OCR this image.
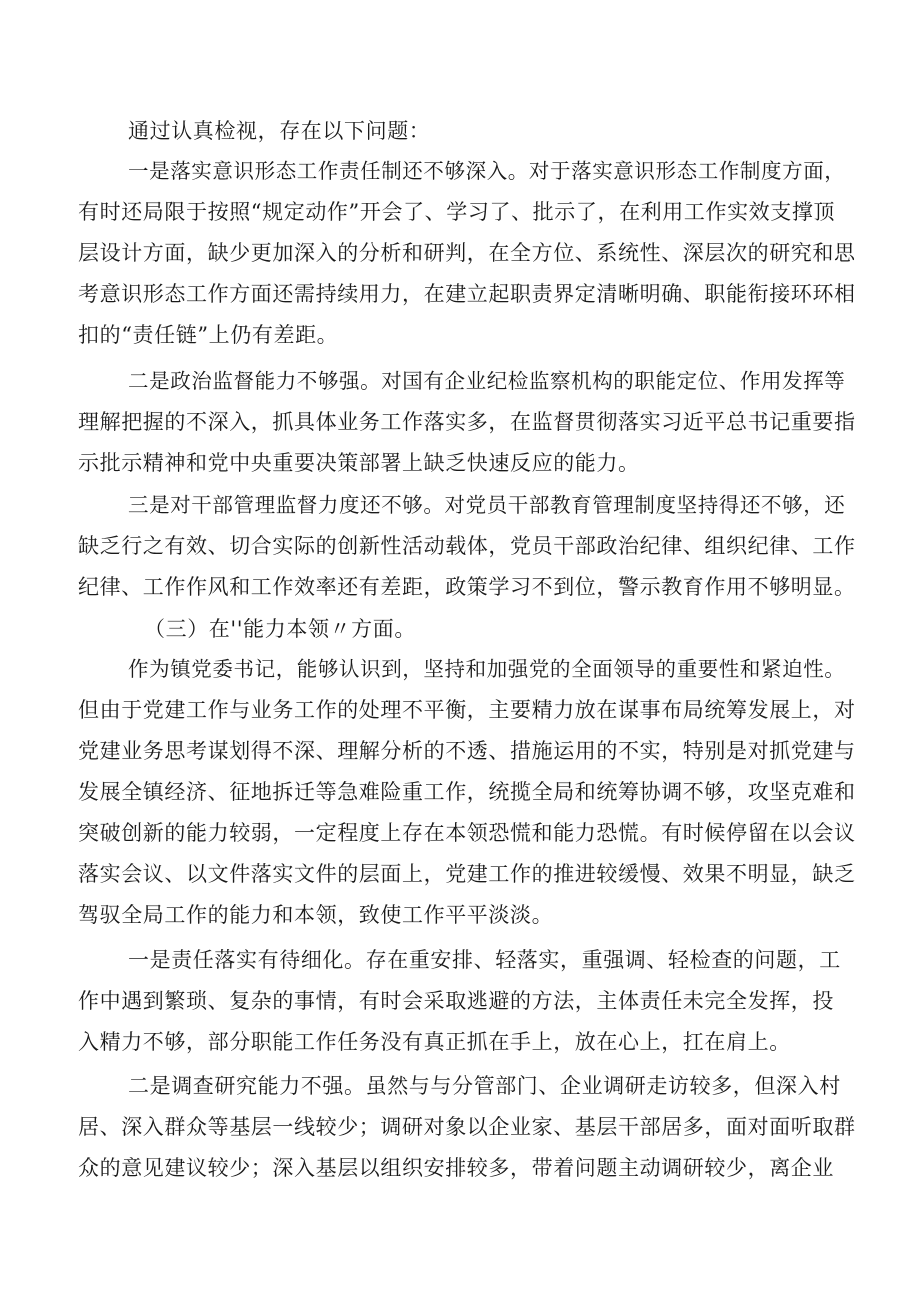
通过认真检视，存在以下问题：
一是落实意识形态工作责任制还不够深入。对于落实意识形态工作制度方面，
有时还局限于按照“规定动作”开会了、学习了、批示了，在利用工作实效支撑顶
层设计方面，缺少更加深入的分析和研判，在全方位、系统性、深层次的研究和思
考意识形态工作方面还需持续用力，在建立起职责界定清晰明确、职能衔接环环相
扣的“责任链”上仍有差距。
二是政治监督能力不够强。对国有企业纪检监察机构的职能定位、作用发挥等
理解把握的不深入，抓具体业务工作落实多，在监督贯彻落实习近平总书记重要指
示批示精神和党中央重要决策部署上缺乏快速反应的能力。
三是对干部管理监督力度还不够。对党员干部教育管理制度坚持得还不够，还
缺乏行之有效、切合实际的创新性活动载体，党员干部政治纪律、组织纪律、工作
纪律、工作作风和工作效率还有差距，政策学习不到位，警示教育作用不够明显。
（三）在''能力本领〃方面。
作为镇党委书记，能够认识到，坚持和加强党的全面领导的重要性和紧迫性。
但由于党建工作与业务工作的处理不平衡，主要精力放在谋事布局统筹发展上，对
党建业务思考谋划得不深、理解分析的不透、措施运用的不实，特别是对抓党建与
发展全镇经济、征地拆迁等急难险重工作，统揽全局和统筹协调不够，攻坚克难和
突破创新的能力较弱，一定程度上存在本领恐慌和能力恐慌。有时候停留在以会议
落实会议、以文件落实文件的层面上，党建工作的推进较缓慢、效果不明显，缺乏
驾驭全局工作的能力和本领，致使工作平平淡淡。
一是责任落实有待细化。存在重安排、轻落实，重强调、轻检查的问题，工
作中遇到繁琐、复杂的事情，有时会采取逃避的方法，主体责任未完全发挥，投
入精力不够，部分职能工作任务没有真正抓在手上，放在心上，扛在肩上。
二是调查研究能力不强。虽然与与分管部门、企业调研走访较多，但深入村
居、深入群众等基层一线较少；调研对象以企业家、基层干部居多，面对面听取群
众的意见建议较少；深入基层以组织安排较多，带着问题主动调研较少，离企业
